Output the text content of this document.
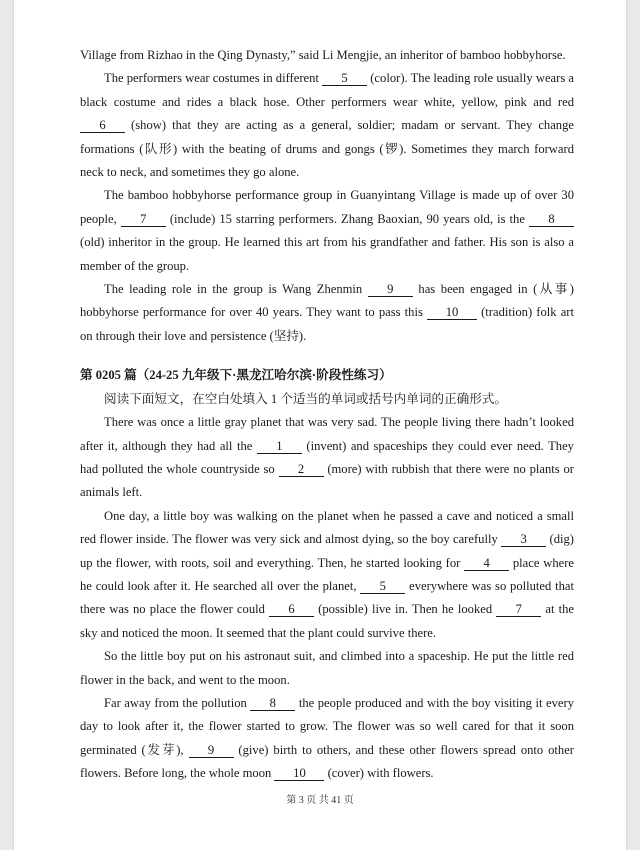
Village from Rizhao in the Qing Dynasty,” said Li Mengjie, an inheritor of bamboo hobbyhorse.

The performers wear costumes in different 5 (color). The leading role usually wears a black costume and rides a black hose. Other performers wear white, yellow, pink and red 6 (show) that they are acting as a general, soldier; madam or servant. They change formations (队形) with the beating of drums and gongs (锣). Sometimes they march forward neck to neck, and sometimes they go alone.

The bamboo hobbyhorse performance group in Guanyintang Village is made up of over 30 people, 7 (include) 15 starring performers. Zhang Baoxian, 90 years old, is the 8 (old) inheritor in the group. He learned this art from his grandfather and father. His son is also a member of the group.

The leading role in the group is Wang Zhenmin 9 has been engaged in (从事) hobbyhorse performance for over 40 years. They want to pass this 10 (tradition) folk art on through their love and persistence (坚持).

第 0205 篇（24-25 九年级下·黑龙江哈尔滨·阶段性练习）

阅读下面短文，在空白处填入 1 个适当的单词或括号内单词的正确形式。

There was once a little gray planet that was very sad. The people living there hadn’t looked after it, although they had all the 1 (invent) and spaceships they could ever need. They had polluted the whole countryside so 2 (more) with rubbish that there were no plants or animals left.

One day, a little boy was walking on the planet when he passed a cave and noticed a small red flower inside. The flower was very sick and almost dying, so the boy carefully 3 (dig) up the flower, with roots, soil and everything. Then, he started looking for 4 place where he could look after it. He searched all over the planet, 5 everywhere was so polluted that there was no place the flower could 6 (possible) live in. Then he looked 7 at the sky and noticed the moon. It seemed that the plant could survive there.

So the little boy put on his astronaut suit, and climbed into a spaceship. He put the little red flower in the back, and went to the moon.

Far away from the pollution 8 the people produced and with the boy visiting it every day to look after it, the flower started to grow. The flower was so well cared for that it soon germinated (发芽), 9 (give) birth to others, and these other flowers spread onto other flowers. Before long, the whole moon 10 (cover) with flowers.

第 3 页 共 41 页
